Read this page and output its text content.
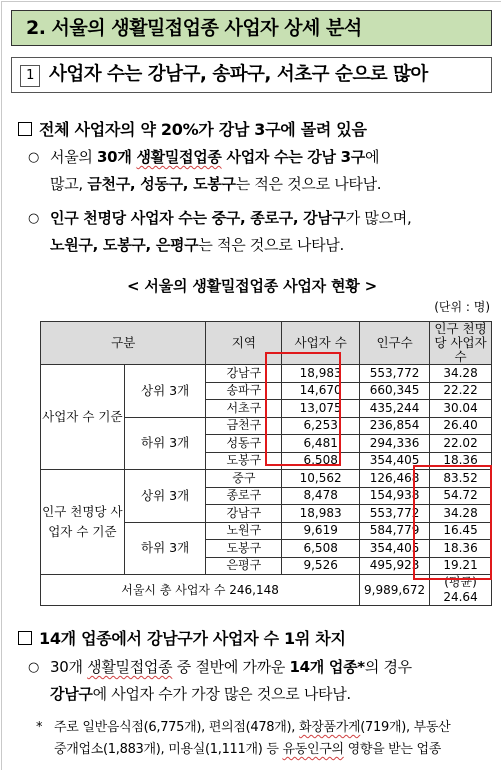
2. 서울의 생활밀접업종 사업자 상세 분석
1 사업자 수는 강남구, 송파구, 서초구 순으로 많아
전체 사업자의 약 20%가 강남 3구에 몰려 있음
○ 서울의 30개 생활밀접업종 사업자 수는 강남 3구에
많고, 금천구, 성동구, 도봉구는 적은 것으로 나타남.
○ 인구 천명당 사업자 수는 중구, 종로구, 강남구가 많으며,
노원구, 도봉구, 은평구는 적은 것으로 나타남.
< 서울의 생활밀접업종 사업자 현황 >
(단위 : 명)
구분		지역	사업자 수	인구수	인구 천명당 사업자 수
사업자 수 기준	상위 3개	강남구	18,983	553,772	34.28
		송파구	14,670	660,345	22.22
		서초구	13,075	435,244	30.04
	하위 3개	금천구	6,253	236,854	26.40
		성동구	6,481	294,336	22.02
		도봉구	6,508	354,405	18.36
인구 천명당 사업자 수 기준	상위 3개	중구	10,562	126,468	83.52
		종로구	8,478	154,938	54.72
		강남구	18,983	553,772	34.28
	하위 3개	노원구	9,619	584,779	16.45
		도봉구	6,508	354,405	18.36
		은평구	9,526	495,923	19.21
서울시 총 사업자 수 246,148				9,989,672	(평균) 24.64
14개 업종에서 강남구가 사업자 수 1위 차지
○ 30개 생활밀접업종 중 절반에 가까운 14개 업종*의 경우
강남구에 사업자 수가 가장 많은 것으로 나타남.
* 주로 일반음식점(6,775개), 편의점(478개), 화장품가게(719개), 부동산
중개업소(1,883개), 미용실(1,111개) 등 유동인구의 영향을 받는 업종
